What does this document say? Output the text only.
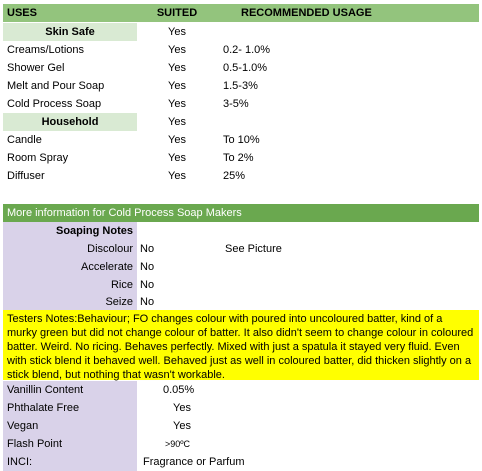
USES	SUITED	RECOMMENDED USAGE
Skin Safe	Yes
Creams/Lotions	Yes	0.2- 1.0%
Shower Gel	Yes	0.5-1.0%
Melt and Pour Soap	Yes	1.5-3%
Cold Process Soap	Yes	3-5%
Household	Yes
Candle	Yes	To 10%
Room Spray	Yes	To 2%
Diffuser	Yes	25%
More information for Cold Process Soap Makers
Soaping Notes
Discolour No	See Picture
Accelerate No
Rice No
Seize No
Testers Notes:Behaviour; FO changes colour with poured into uncoloured batter, kind of a murky green but did not change colour of batter. It also didn't seem to change colour in coloured batter. Weird. No ricing. Behaves perfectly. Mixed with just a spatula it stayed very fluid. Even with stick blend it behaved well. Behaved just as well in coloured batter, did thicken slightly on a stick blend, but nothing that wasn't workable.
Vanillin Content	0.05%
Phthalate Free	Yes
Vegan	Yes
Flash Point	>90ºC
INCI:	Fragrance or Parfum
